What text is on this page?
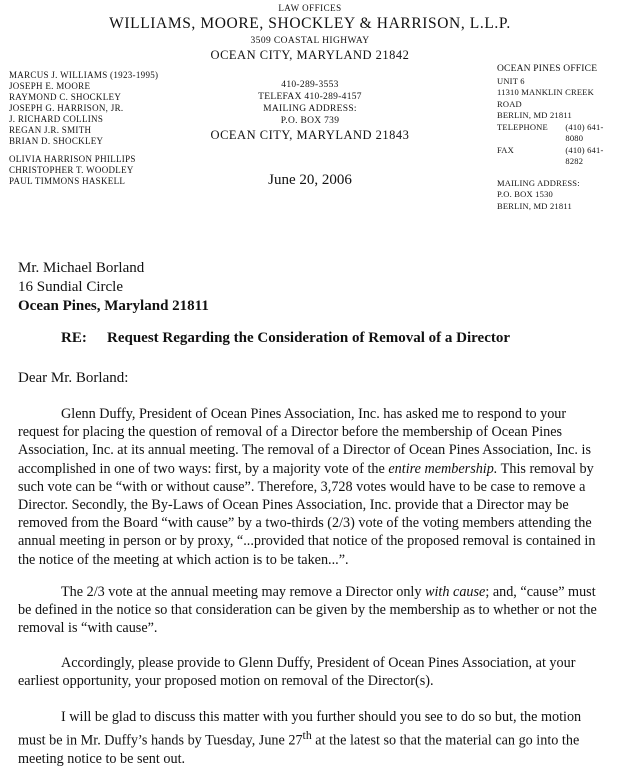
LAW OFFICES
WILLIAMS, MOORE, SHOCKLEY & HARRISON, L.L.P.
3509 COASTAL HIGHWAY
OCEAN CITY, MARYLAND 21842
410-289-3553
TELEFAX 410-289-4157
MAILING ADDRESS:
P.O. BOX 739
OCEAN CITY, MARYLAND 21843
MARCUS J. WILLIAMS (1923-1995)
JOSEPH E. MOORE
RAYMOND C. SHOCKLEY
JOSEPH G. HARRISON, JR.
J. RICHARD COLLINS
REGAN J.R. SMITH
BRIAN D. SHOCKLEY
OLIVIA HARRISON PHILLIPS
CHRISTOPHER T. WOODLEY
PAUL TIMMONS HASKELL
OCEAN PINES OFFICE
UNIT 6
11310 MANKLIN CREEK ROAD
BERLIN, MD 21811
TELEPHONE	(410) 641-8080
FAX	(410) 641-8282
MAILING ADDRESS:
P.O. BOX 1530
BERLIN, MD 21811
June 20, 2006
Mr. Michael Borland
16 Sundial Circle
Ocean Pines, Maryland 21811
RE: Request Regarding the Consideration of Removal of a Director
Dear Mr. Borland:

Glenn Duffy, President of Ocean Pines Association, Inc. has asked me to respond to your request for placing the question of removal of a Director before the membership of Ocean Pines Association, Inc. at its annual meeting. The removal of a Director of Ocean Pines Association, Inc. is accomplished in one of two ways: first, by a majority vote of the entire membership. This removal by such vote can be “with or without cause”. Therefore, 3,728 votes would have to be case to remove a Director. Secondly, the By-Laws of Ocean Pines Association, Inc. provide that a Director may be removed from the Board “with cause” by a two-thirds (2/3) vote of the voting members attending the annual meeting in person or by proxy, “...provided that notice of the proposed removal is contained in the notice of the meeting at which action is to be taken...”.

The 2/3 vote at the annual meeting may remove a Director only with cause; and, “cause” must be defined in the notice so that consideration can be given by the membership as to whether or not the removal is “with cause”.

Accordingly, please provide to Glenn Duffy, President of Ocean Pines Association, at your earliest opportunity, your proposed motion on removal of the Director(s).

I will be glad to discuss this matter with you further should you see to do so but, the motion must be in Mr. Duffy’s hands by Tuesday, June 27th at the latest so that the material can go into the meeting notice to be sent out.
